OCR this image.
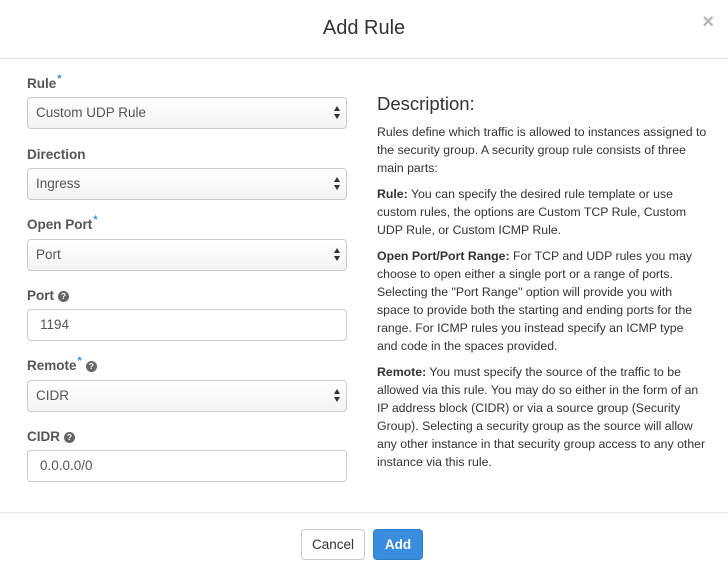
Add Rule	×
Rule*
Custom UDP Rule
Direction
Ingress
Open Port*
Port
Port ?
1194
Remote* ?
CIDR
CIDR ?
0.0.0.0/0
Description:

Rules define which traffic is allowed to instances assigned to the security group. A security group rule consists of three main parts:

Rule: You can specify the desired rule template or use custom rules, the options are Custom TCP Rule, Custom UDP Rule, or Custom ICMP Rule.

Open Port/Port Range: For TCP and UDP rules you may choose to open either a single port or a range of ports. Selecting the "Port Range" option will provide you with space to provide both the starting and ending ports for the range. For ICMP rules you instead specify an ICMP type and code in the spaces provided.

Remote: You must specify the source of the traffic to be allowed via this rule. You may do so either in the form of an IP address block (CIDR) or via a source group (Security Group). Selecting a security group as the source will allow any other instance in that security group access to any other instance via this rule.

Cancel	Add
